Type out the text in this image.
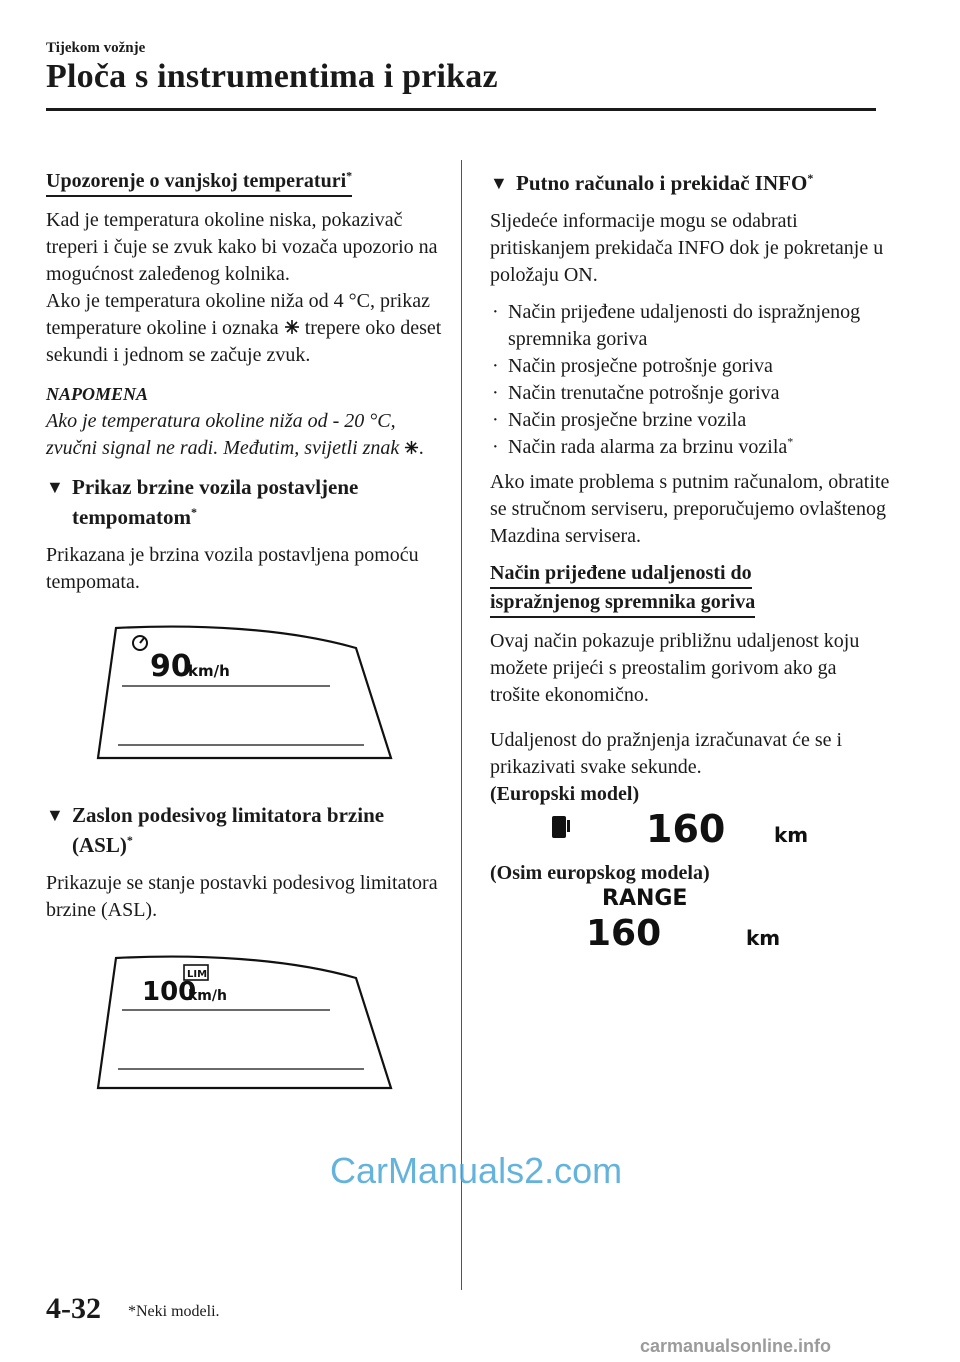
Tijekom vožnje
Ploča s instrumentima i prikaz
Upozorenje o vanjskoj temperaturi*

Kad je temperatura okoline niska, pokazivač treperi i čuje se zvuk kako bi vozača upozorio na mogućnost zaleđenog kolnika.

Ako je temperatura okoline niža od 4 °C, prikaz temperature okoline i oznaka trepere oko deset sekundi i jednom se začuje zvuk.

NAPOMENA

Ako je temperatura okoline niža od - 20 °C, zvučni signal ne radi. Međutim, svijetli znak .

▼ Prikaz brzine vozila postavljene tempomatom*

Prikazana je brzina vozila postavljena pomoću tempomata.

90
km/h
▼ Zaslon podesivog limitatora brzine (ASL)*

Prikazuje se stanje postavki podesivog limitatora brzine (ASL).

LIM
100
km/h
▼ Putno računalo i prekidač INFO*

Sljedeće informacije mogu se odabrati pritiskanjem prekidača INFO dok je pokretanje u položaju ON.

· Način prijeđene udaljenosti do ispražnjenog spremnika goriva
· Način prosječne potrošnje goriva
· Način trenutačne potrošnje goriva
· Način prosječne brzine vozila
· Način rada alarma za brzinu vozila*

Ako imate problema s putnim računalom, obratite se stručnom serviseru, preporučujemo ovlaštenog Mazdina servisera.

Način prijeđene udaljenosti do
ispražnjenog spremnika goriva

Ovaj način pokazuje približnu udaljenost koju možete prijeći s preostalim gorivom ako ga trošite ekonomično.

Udaljenost do pražnjenja izračunavat će se i prikazivati svake sekunde.

(Europski model)

160 km

(Osim europskog modela)

RANGE
160	km
CarManuals2.com
4-32 *Neki modeli.
carmanualsonline.info
